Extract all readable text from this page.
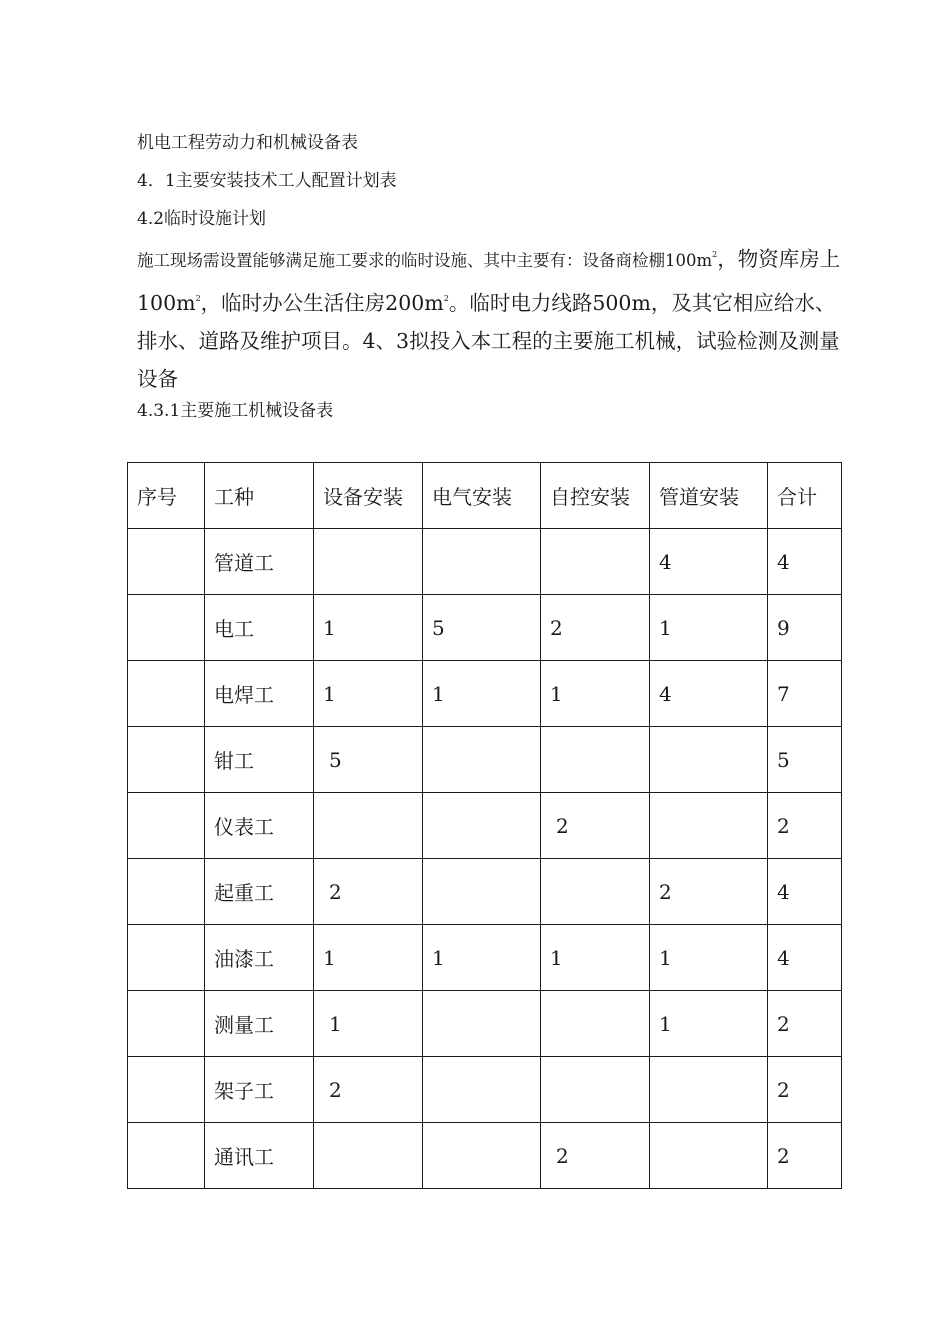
机电工程劳动力和机械设备表
4．1主要安装技术工人配置计划表
4.2临时设施计划
施工现场需设置能够满足施工要求的临时设施、其中主要有：设备商检棚$100m^2$，物资库房上$100m^2$，临时办公生活住房$200m^2$。临时电力线路500m，及其它相应给水、排水、道路及维护项目。4、3拟投入本工程的主要施工机械，试验检测及测量设备
4.3.1主要施工机械设备表
序号	工种	设备安装	电气安装	自控安装	管道安装	合计
	管道工				4	4
	电工	1	5	2	1	9
	电焊工	1	1	1	4	7
	钳工	5				5
	仪表工			2		2
	起重工	2			2	4
	油漆工	1	1	1	1	4
	测量工	1			1	2
	架子工	2				2
	通讯工			2		2
